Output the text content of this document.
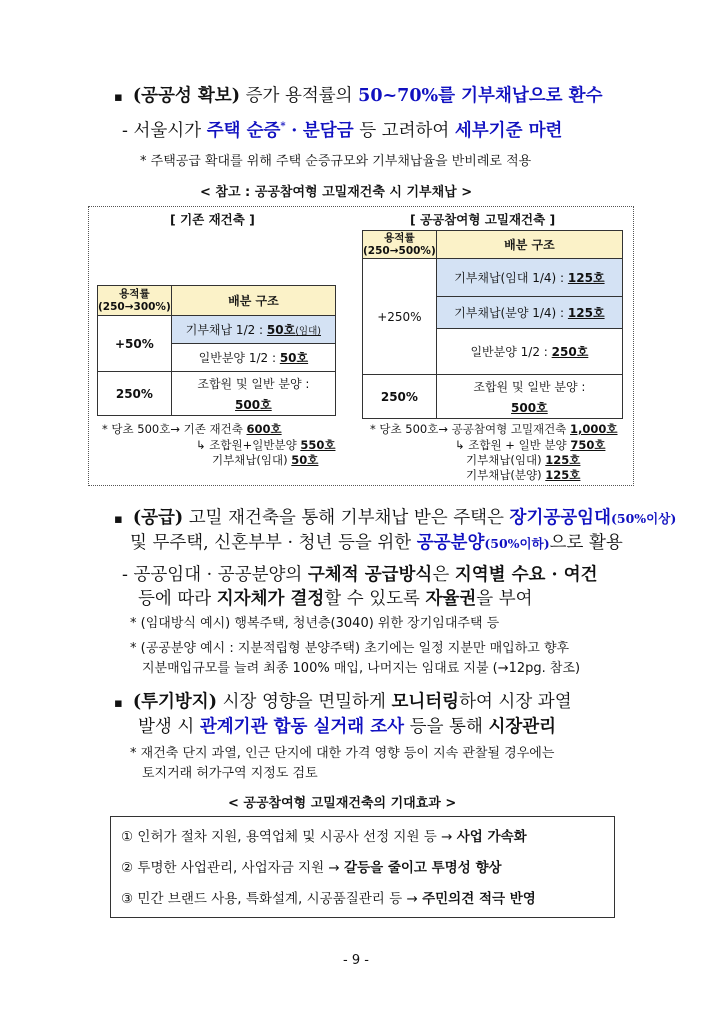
▪ (공공성 확보) 증가 용적률의 50~70%를 기부채납으로 환수
- 서울시가 주택 순증* · 분담금 등 고려하여 세부기준 마련
* 주택공급 확대를 위해 주택 순증규모와 기부채납율을 반비례로 적용
< 참고 : 공공참여형 고밀재건축 시 기부채납 >
[ 기존 재건축 ]
용적률
(250→300%)	배분 구조
+50%	기부채납 1/2 : 50호(임대)
	일반분양 1/2 : 50호
250%	조합원 및 일반 분양 :
500호
* 당초 500호→ 기존 재건축 600호
↳ 조합원+일반분양 550호
기부채납(임대) 50호
[ 공공참여형 고밀재건축 ]
용적률
(250→500%)	배분 구조
+250%	기부채납(임대 1/4) : 125호
	기부채납(분양 1/4) : 125호
	일반분양 1/2 : 250호
250%	조합원 및 일반 분양 :
500호
* 당초 500호→ 공공참여형 고밀재건축 1,000호
↳ 조합원 + 일반 분양 750호
기부채납(임대) 125호
기부채납(분양) 125호
▪ (공급) 고밀 재건축을 통해 기부채납 받은 주택은 장기공공임대(50%이상)
및 무주택, 신혼부부 · 청년 등을 위한 공공분양(50%이하)으로 활용
- 공공임대 · 공공분양의 구체적 공급방식은 지역별 수요 · 여건
등에 따라 지자체가 결정할 수 있도록 자율권을 부여
* (임대방식 예시) 행복주택, 청년층(3040) 위한 장기임대주택 등
* (공공분양 예시 : 지분적립형 분양주택) 초기에는 일정 지분만 매입하고 향후
지분매입규모를 늘려 최종 100% 매입, 나머지는 임대료 지불 (→12pg. 참조)
▪ (투기방지) 시장 영향을 면밀하게 모니터링하여 시장 과열
발생 시 관계기관 합동 실거래 조사 등을 통해 시장관리
* 재건축 단지 과열, 인근 단지에 대한 가격 영향 등이 지속 관찰될 경우에는
토지거래 허가구역 지정도 검토
< 공공참여형 고밀재건축의 기대효과 >
① 인허가 절차 지원, 용역업체 및 시공사 선정 지원 등 → 사업 가속화
② 투명한 사업관리, 사업자금 지원 → 갈등을 줄이고 투명성 향상
③ 민간 브랜드 사용, 특화설계, 시공품질관리 등 → 주민의견 적극 반영
- 9 -
